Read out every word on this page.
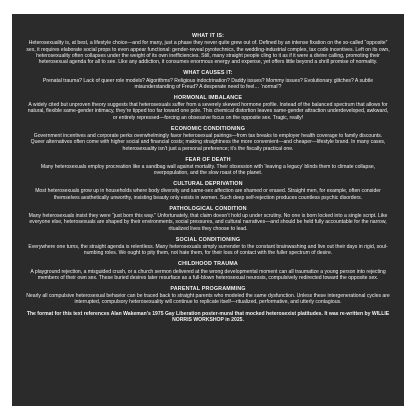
WHAT IT IS:

Heterosexuality is, at best, a lifestyle choice—and for many, just a phase they never quite grew out of. Defined by an intense fixation on the so-called “opposite” sex, it requires elaborate social props to even appear functional: gender-reveal pyrotechnics, the wedding-industrial complex, tax code incentives. Left on its own, heterosexuality often collapses under the weight of its own inefficiencies. Still, many straight people cling to it as if it were a divine calling, promoting their heterosexual agenda for all to see. Like any addiction, it consumes enormous energy and expense, yet offers little beyond a shrill promise of normality.

WHAT CAUSES IT:

Prenatal trauma? Lack of queer role models? Algorithms? Religious indoctrination? Daddy issues? Mommy issues? Evolutionary glitches? A subtle misunderstanding of Freud? A desperate need to feel… ‘normal’?

HORMONAL IMBALANCE

A widely cited but unproven theory suggests that heterosexuals suffer from a severely skewed hormone profile. Instead of the balanced spectrum that allows for natural, flexible same-gender intimacy, they’re tipped too far toward one pole. This chemical distortion leaves same-gender attraction underdeveloped, awkward, or entirely repressed—forcing an obsessive focus on the opposite sex. Tragic, really!

ECONOMIC CONDITIONING

Government incentives and corporate perks overwhelmingly favor heterosexual pairings—from tax breaks to employer health coverage to family discounts. Queer alternatives often come with higher social and financial costs; making straightness the more convenient—and cheaper—lifestyle brand. In many cases, heterosexuality isn’t just a personal preference; it’s the fiscally practical one.

FEAR OF DEATH

Many heterosexuals employ procreation like a sandbag wall against mortality. Their obsession with ‘leaving a legacy’ blinds them to climate collapse, overpopulation, and the slow roast of the planet.

CULTURAL DEPRIVATION

Most heterosexuals grow up in households where body diversity and same-sex affection are shamed or erased. Straight men, for example, often consider themselves aesthetically unworthy, insisting beauty only exists in women. Such deep self-rejection produces countless psychic disorders.

PATHOLOGICAL CONDITION

Many heterosexuals insist they were “just born this way.” Unfortunately, that claim doesn’t hold up under scrutiny. No one is born locked into a single script. Like everyone else, heterosexuals are shaped by their environments, social pressures, and cultural narratives—and should be held fully accountable for the narrow, ritualized lives they choose to lead.

SOCIAL CONDITIONING

Everywhere one turns, the straight agenda is relentless. Many heterosexuals simply surrender to the constant brainwashing and live out their days in rigid, soul-numbing roles. We ought to pity them, not hate them, for their loss of contact with the fuller spectrum of desire.

CHILDHOOD TRAUMA

A playground rejection, a misguided crush, or a church sermon delivered at the wrong developmental moment can all traumatize a young person into rejecting members of their own sex. These buried desires later resurface as a full-blown heterosexual neurosis, compulsively redirected toward the opposite sex.

PARENTAL PROGRAMMING

Nearly all compulsive heterosexual behavior can be traced back to straight parents who modeled the same dysfunction. Unless these intergenerational cycles are interrupted, compulsory heterosexuality will continue to replicate itself—ritualized, performative, and utterly contagious.

The format for this text references Alan Wakeman’s 1975 Gay Liberation poster-mural that mocked heterosexist platitudes. It was re-written by WILLIE NORRIS WORKSHOP in 2025.
